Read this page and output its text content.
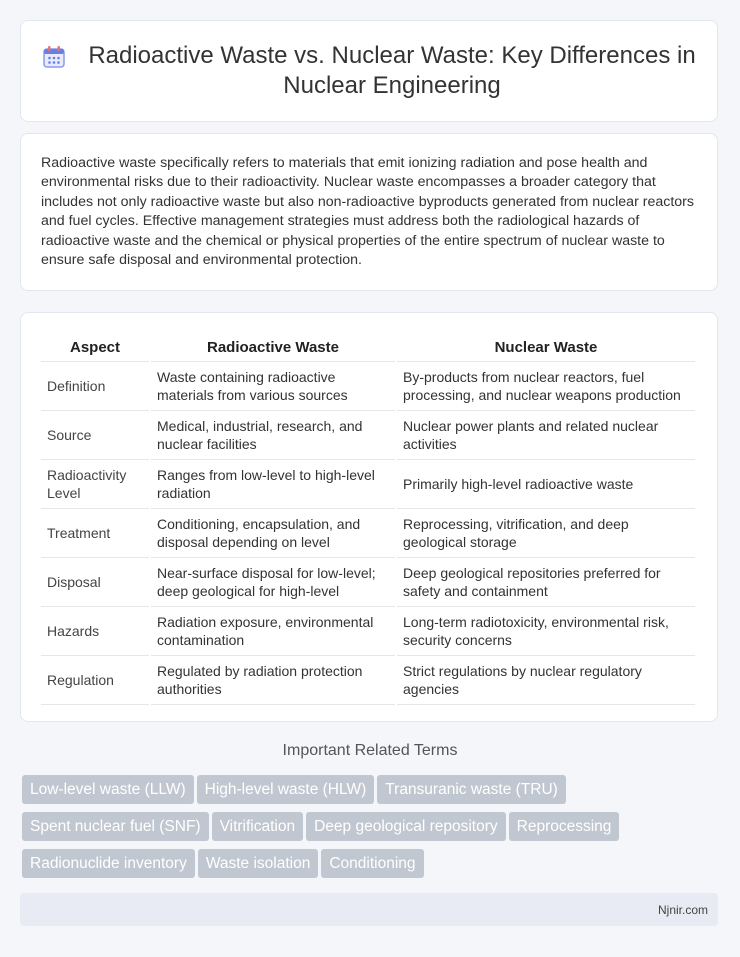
Radioactive Waste vs. Nuclear Waste: Key Differences in Nuclear Engineering

Radioactive waste specifically refers to materials that emit ionizing radiation and pose health and environmental risks due to their radioactivity. Nuclear waste encompasses a broader category that includes not only radioactive waste but also non-radioactive byproducts generated from nuclear reactors and fuel cycles. Effective management strategies must address both the radiological hazards of radioactive waste and the chemical or physical properties of the entire spectrum of nuclear waste to ensure safe disposal and environmental protection.

Aspect	Radioactive Waste	Nuclear Waste
Definition	Waste containing radioactive materials from various sources	By-products from nuclear reactors, fuel processing, and nuclear weapons production
Source	Medical, industrial, research, and nuclear facilities	Nuclear power plants and related nuclear activities
Radioactivity Level	Ranges from low-level to high-level radiation	Primarily high-level radioactive waste
Treatment	Conditioning, encapsulation, and disposal depending on level	Reprocessing, vitrification, and deep geological storage
Disposal	Near-surface disposal for low-level; deep geological for high-level	Deep geological repositories preferred for safety and containment
Hazards	Radiation exposure, environmental contamination	Long-term radiotoxicity, environmental risk, security concerns
Regulation	Regulated by radiation protection authorities	Strict regulations by nuclear regulatory agencies
Important Related Terms
Low-level waste (LLW) High-level waste (HLW) Transuranic waste (TRU)Spent nuclear fuel (SNF) Vitrification Deep geological repository ReprocessingRadionuclide inventory Waste isolation Conditioning
Njnir.com
